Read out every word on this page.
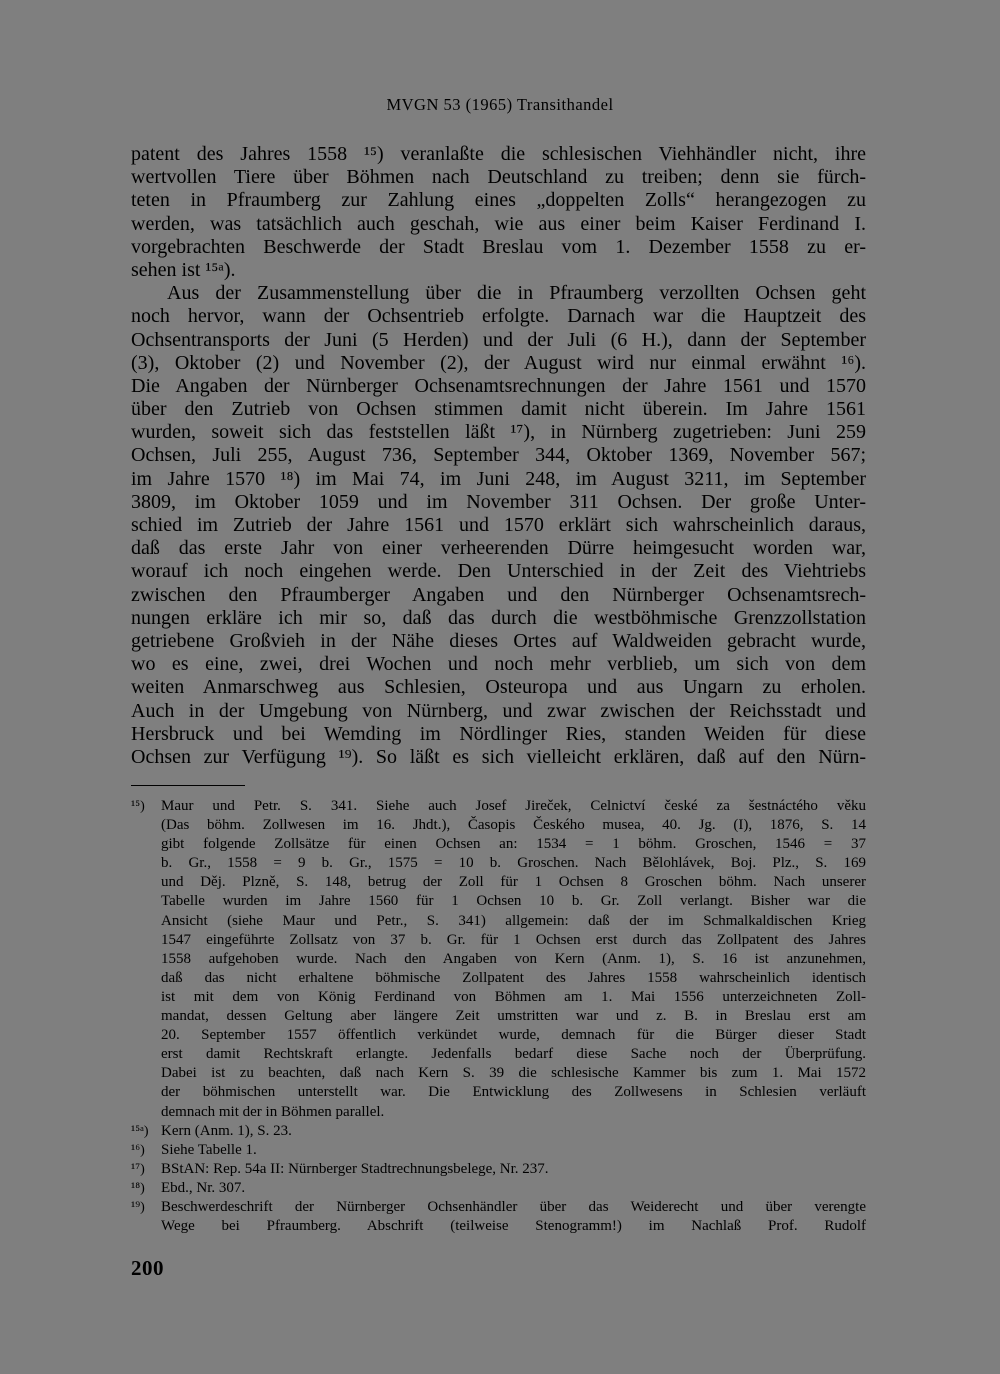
MVGN 53 (1965) Transithandel
patent des Jahres 1558 ¹⁵) veranlaßte die schlesischen Viehhändler nicht, ihre
wertvollen Tiere über Böhmen nach Deutschland zu treiben; denn sie fürch-
teten in Pfraumberg zur Zahlung eines „doppelten Zolls“ herangezogen zu
werden, was tatsächlich auch geschah, wie aus einer beim Kaiser Ferdinand I.
vorgebrachten Beschwerde der Stadt Breslau vom 1. Dezember 1558 zu er-
sehen ist ¹⁵ᵃ).
Aus der Zusammenstellung über die in Pfraumberg verzollten Ochsen geht
noch hervor, wann der Ochsentrieb erfolgte. Darnach war die Hauptzeit des
Ochsentransports der Juni (5 Herden) und der Juli (6 H.), dann der September
(3), Oktober (2) und November (2), der August wird nur einmal erwähnt ¹⁶).
Die Angaben der Nürnberger Ochsenamtsrechnungen der Jahre 1561 und 1570
über den Zutrieb von Ochsen stimmen damit nicht überein. Im Jahre 1561
wurden, soweit sich das feststellen läßt ¹⁷), in Nürnberg zugetrieben: Juni 259
Ochsen, Juli 255, August 736, September 344, Oktober 1369, November 567;
im Jahre 1570 ¹⁸) im Mai 74, im Juni 248, im August 3211, im September
3809, im Oktober 1059 und im November 311 Ochsen. Der große Unter-
schied im Zutrieb der Jahre 1561 und 1570 erklärt sich wahrscheinlich daraus,
daß das erste Jahr von einer verheerenden Dürre heimgesucht worden war,
worauf ich noch eingehen werde. Den Unterschied in der Zeit des Viehtriebs
zwischen den Pfraumberger Angaben und den Nürnberger Ochsenamtsrech-
nungen erkläre ich mir so, daß das durch die westböhmische Grenzzollstation
getriebene Großvieh in der Nähe dieses Ortes auf Waldweiden gebracht wurde,
wo es eine, zwei, drei Wochen und noch mehr verblieb, um sich von dem
weiten Anmarschweg aus Schlesien, Osteuropa und aus Ungarn zu erholen.
Auch in der Umgebung von Nürnberg, und zwar zwischen der Reichsstadt und
Hersbruck und bei Wemding im Nördlinger Ries, standen Weiden für diese
Ochsen zur Verfügung ¹⁹). So läßt es sich vielleicht erklären, daß auf den Nürn-
¹⁵) Maur und Petr. S. 341. Siehe auch Josef Jireček, Celnictví české za šestnáctého věku
(Das böhm. Zollwesen im 16. Jhdt.), Časopis Českého musea, 40. Jg. (I), 1876, S. 14
gibt folgende Zollsätze für einen Ochsen an: 1534 = 1 böhm. Groschen, 1546 = 37
b. Gr., 1558 = 9 b. Gr., 1575 = 10 b. Groschen. Nach Bělohlávek, Boj. Plz., S. 169
und Děj. Plzně, S. 148, betrug der Zoll für 1 Ochsen 8 Groschen böhm. Nach unserer
Tabelle wurden im Jahre 1560 für 1 Ochsen 10 b. Gr. Zoll verlangt. Bisher war die
Ansicht (siehe Maur und Petr., S. 341) allgemein: daß der im Schmalkaldischen Krieg
1547 eingeführte Zollsatz von 37 b. Gr. für 1 Ochsen erst durch das Zollpatent des Jahres
1558 aufgehoben wurde. Nach den Angaben von Kern (Anm. 1), S. 16 ist anzunehmen,
daß das nicht erhaltene böhmische Zollpatent des Jahres 1558 wahrscheinlich identisch
ist mit dem von König Ferdinand von Böhmen am 1. Mai 1556 unterzeichneten Zoll-
mandat, dessen Geltung aber längere Zeit umstritten war und z. B. in Breslau erst am
20. September 1557 öffentlich verkündet wurde, demnach für die Bürger dieser Stadt
erst damit Rechtskraft erlangte. Jedenfalls bedarf diese Sache noch der Überprüfung.
Dabei ist zu beachten, daß nach Kern S. 39 die schlesische Kammer bis zum 1. Mai 1572
der böhmischen unterstellt war. Die Entwicklung des Zollwesens in Schlesien verläuft
demnach mit der in Böhmen parallel.
¹⁵ᵃ) Kern (Anm. 1), S. 23.
¹⁶) Siehe Tabelle 1.
¹⁷) BStAN: Rep. 54a II: Nürnberger Stadtrechnungsbelege, Nr. 237.
¹⁸) Ebd., Nr. 307.
¹⁹) Beschwerdeschrift der Nürnberger Ochsenhändler über das Weiderecht und über verengte
Wege bei Pfraumberg. Abschrift (teilweise Stenogramm!) im Nachlaß Prof. Rudolf
200
